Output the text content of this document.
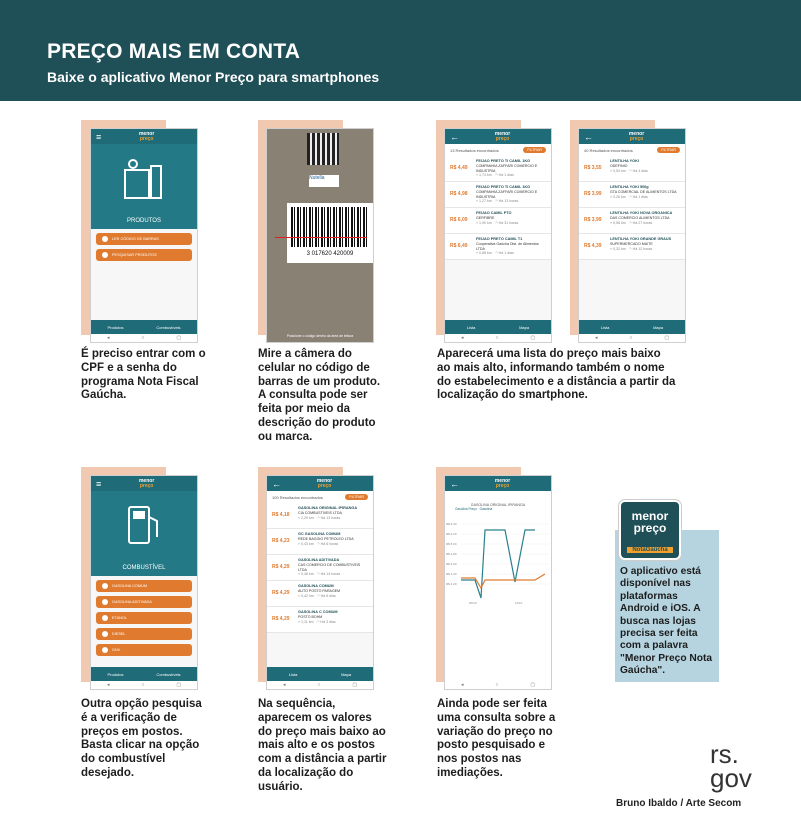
PREÇO MAIS EM CONTA
Baixe o aplicativo Menor Preço para smartphones
≡	menor
preço
PRODUTOS
LER CÓDIGO DE BARRAS
PESQUISAR PRODUTOS
Produtos	Combustíveis
◂	○	▢
É preciso entrar com o CPF e a senha do programa Nota Fiscal Gaúcha.
Nutella
3 017620 420009
Posicione o código dentro da área de leitura
Mire a câmera do celular no código de barras de um produto. A consulta pode ser feita por meio da descrição do produto ou marca.
←	menor
preço
13 Resultados encontrados	FILTRAR
R$ 4,49
FEIJAO PRETO TI CAMIL 1KG
COMPANHIA ZAFFARI COMERCIO E INDUSTRIA
⌖ 1,73 km   ◷ Há 1 dias
R$ 4,98
FEIJAO PRETO TI CAMIL 1KG
COMPANHIA ZAFFARI COMERCIO E INDUSTRIA
⌖ 1,27 km   ◷ Há 13 horas
R$ 6,09
FEIJAO CAMIL PTO
GERFIBRE
⌖ 1,90 km   ◷ Há 31 horas
R$ 6,49
FEIJAO PRETO CAMIL T1
Cooperativa Gaúcha Dist. de Alimentos LTDA
⌖ 0,88 km   ◷ Há 1 dias
Lista	Mapa
◂	○	▢
←	menor
preço
40 Resultados encontrados	FILTRAR
R$ 3,55
LENTILHA YOKI
ODEFINIO
⌖ 0,54 km   ◷ Há 4 dias
R$ 3,99
LENTILHA YOKI 500g
GTA COMERCIAL DE ALIMENTOS LTDA
⌖ 0,26 km   ◷ Há 1 dias
R$ 3,99
LENTILHA YOKI NOVA ORGANICA
DAS COMERCIO ALIMENTOS LTDA
⌖ 0,58 km   ◷ Há 27 horas
R$ 4,39
LENTILHA YOKI GRANDE GRAUS
SUPERMERCADO MAITE
⌖ 0,32 km   ◷ Há 12 horas
Lista	Mapa
◂	○	▢
Aparecerá uma lista do preço mais baixo ao mais alto, informando também o nome do estabelecimento e a distância a partir da localização do smartphone.
≡	menor
preço
COMBUSTÍVEL
GASOLINA COMUM
GASOLINA ADITIVADA
ETANOL
DIESEL
GNV
Produtos	Combustíveis
◂	○	▢
Outra opção pesquisa é a verificação de preços em postos. Basta clicar na opção do combustível desejado.
←	menor
preço
100 Resultados encontrados	FILTRAR
R$ 4,18
GASOLINA ORIGINAL IPIRANGA
CIA COMBUSTIVEIS LTDA
⌖ 2,29 km   ◷ Há 13 horas
R$ 4,23
GC GASOLINA COMUM
REDE BAGGIO PETROLEO LTDA
⌖ 0,43 km   ◷ Há 6 horas
R$ 4,29
GASOLINA ADITIVADA
CAS COMERCIO DE COMBUSTIVEIS LTDA
⌖ 0,46 km   ◷ Há 14 horas
R$ 4,29
GASOLINA COMUM
AUTO POSTO PARAGEM
⌖ 0,42 km   ◷ Há 6 dias
R$ 4,29
GASOLINA C COMUM
POSTO BOHM
⌖ 1,11 km   ◷ Há 3 dias
Lista	Mapa
◂	○	▢
Na sequência, aparecem os valores do preço mais baixo ao mais alto e os postos com a distância a partir da localização do usuário.
←	menor
preço
GASOLINA ORIGINAL IPIRANGA
Gasolina Preço · Gasolina
R$ 6,40
R$ 6,20
R$ 5,00
R$ 4,80
R$ 4,60
R$ 4,40
R$ 4,20
20/10	11/10
◂	○	▢
Ainda pode ser feita uma consulta sobre a variação do preço no posto pesquisado e nos postos nas imediações.
menor
preço
NotaGaúcha
O aplicativo está disponível nas plataformas Android e iOS. A busca nas lojas precisa ser feita com a palavra "Menor Preço Nota Gaúcha".
rs.
gov
Bruno Ibaldo / Arte Secom
